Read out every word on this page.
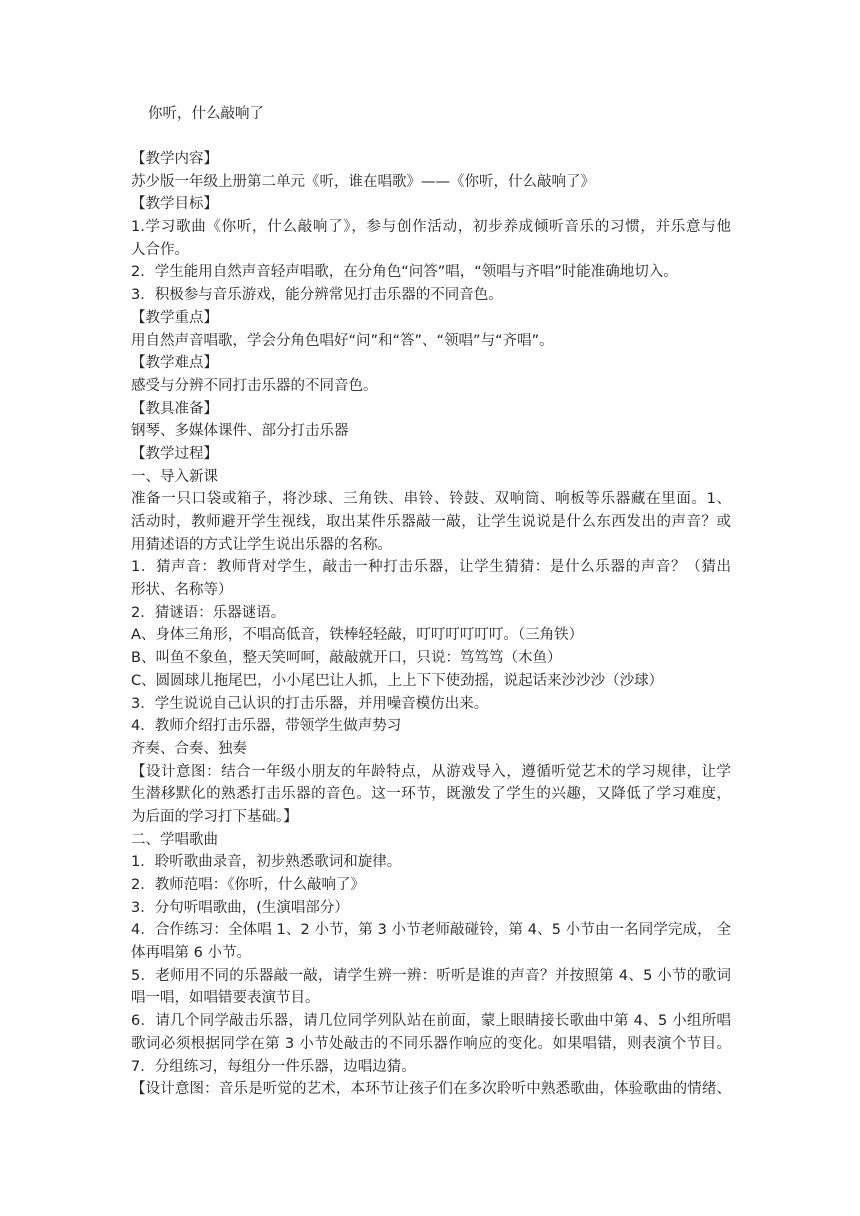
你听，什么敲响了
【教学内容】
苏少版一年级上册第二单元《听，谁在唱歌》——《你听，什么敲响了》
【教学目标】
1.学习歌曲《你听，什么敲响了》，参与创作活动，初步养成倾听音乐的习惯，并乐意与他
人合作。
2．学生能用自然声音轻声唱歌，在分角色“问答”唱，“领唱与齐唱”时能准确地切入。
3．积极参与音乐游戏，能分辨常见打击乐器的不同音色。
【教学重点】
用自然声音唱歌，学会分角色唱好“问”和“答”、“领唱”与“齐唱”。
【教学难点】
感受与分辨不同打击乐器的不同音色。
【教具准备】
钢琴、多媒体课件、部分打击乐器
【教学过程】
一、导入新课
准备一只口袋或箱子，将沙球、三角铁、串铃、铃鼓、双响筒、响板等乐器藏在里面。1、
活动时，教师避开学生视线，取出某件乐器敲一敲，让学生说说是什么东西发出的声音？或
用猜述语的方式让学生说出乐器的名称。
1．猜声音：教师背对学生，敲击一种打击乐器，让学生猜猜：是什么乐器的声音？（猜出
形状、名称等）
2．猜谜语：乐器谜语。
A、身体三角形，不唱高低音，铁棒轻轻敲，叮叮叮叮叮叮。（三角铁）
B、叫鱼不象鱼，整天笑呵呵，敲敲就开口，只说：笃笃笃（木鱼）
C、圆圆球儿拖尾巴，小小尾巴让人抓，上上下下使劲摇，说起话来沙沙沙（沙球）
3．学生说说自己认识的打击乐器，并用噪音模仿出来。
4．教师介绍打击乐器，带领学生做声势习
齐奏、合奏、独奏
【设计意图：结合一年级小朋友的年龄特点，从游戏导入，遵循听觉艺术的学习规律，让学
生潜移默化的熟悉打击乐器的音色。这一环节，既激发了学生的兴趣，又降低了学习难度，
为后面的学习打下基础。】
二、学唱歌曲
1．聆听歌曲录音，初步熟悉歌词和旋律。
2．教师范唱：《你听，什么敲响了》
3．分句听唱歌曲，(生演唱部分）
4．合作练习：全体唱 1、2 小节，第 3 小节老师敲碰铃，第 4、5 小节由一名同学完成， 全
体再唱第 6 小节。
5．老师用不同的乐器敲一敲，请学生辨一辨：听听是谁的声音？并按照第 4、5 小节的歌词
唱一唱，如唱错要表演节目。
6．请几个同学敲击乐器，请几位同学列队站在前面，蒙上眼睛接长歌曲中第 4、5 小组所唱
歌词必须根据同学在第 3 小节处敲击的不同乐器作响应的变化。如果唱错，则表演个节目。
7．分组练习，每组分一件乐器，边唱边猜。
【设计意图：音乐是听觉的艺术，本环节让孩子们在多次聆听中熟悉歌曲，体验歌曲的情绪、
